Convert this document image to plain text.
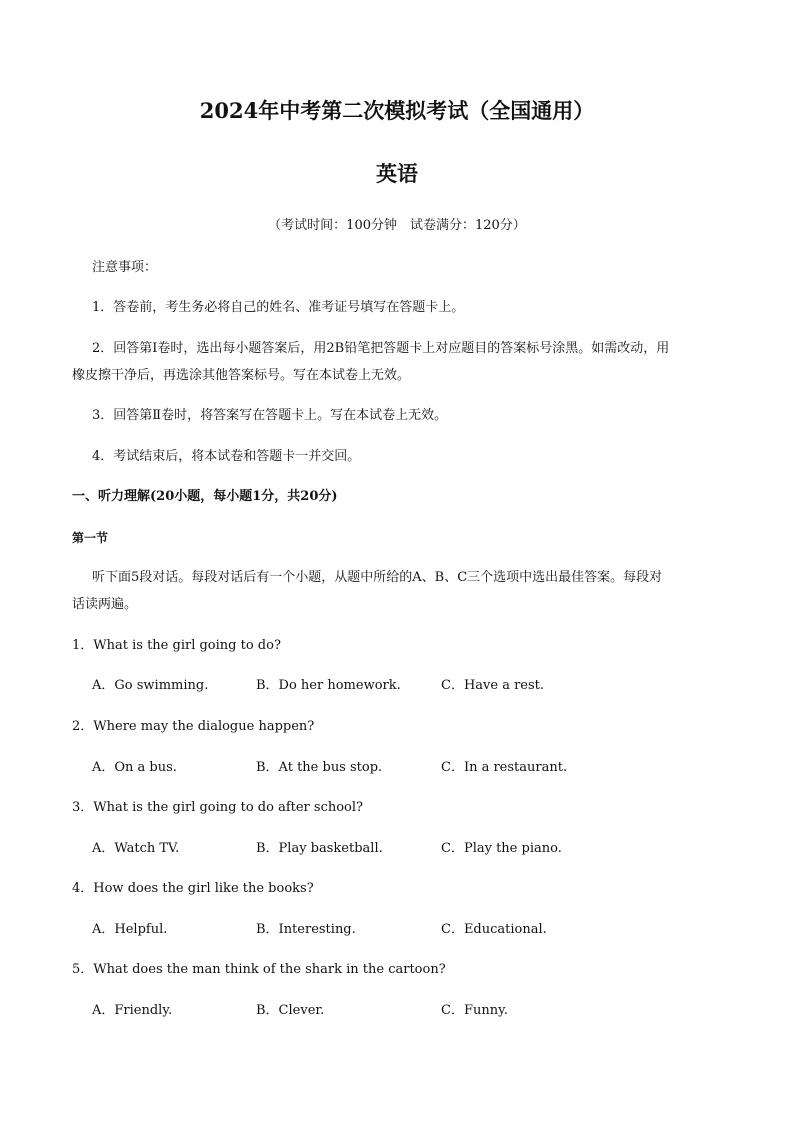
2024年中考第二次模拟考试（全国通用）
英语
（考试时间：100分钟　试卷满分：120分）
注意事项：
1．答卷前，考生务必将自己的姓名、准考证号填写在答题卡上。
2．回答第Ⅰ卷时，选出每小题答案后，用2B铅笔把答题卡上对应题目的答案标号涂黑。如需改动，用
橡皮擦干净后，再选涂其他答案标号。写在本试卷上无效。
3．回答第Ⅱ卷时，将答案写在答题卡上。写在本试卷上无效。
4．考试结束后，将本试卷和答题卡一并交回。
一、听力理解(20小题，每小题1分，共20分)
第一节
听下面5段对话。每段对话后有一个小题，从题中所给的A、B、C三个选项中选出最佳答案。每段对
话读两遍。
1．What is the girl going to do?
A．Go swimming.	B．Do her homework.	C．Have a rest.
2．Where may the dialogue happen?
A．On a bus.	B．At the bus stop.	C．In a restaurant.
3．What is the girl going to do after school?
A．Watch TV.	B．Play basketball.	C．Play the piano.
4．How does the girl like the books?
A．Helpful.	B．Interesting.	C．Educational.
5．What does the man think of the shark in the cartoon?
A．Friendly.	B．Clever.	C．Funny.
